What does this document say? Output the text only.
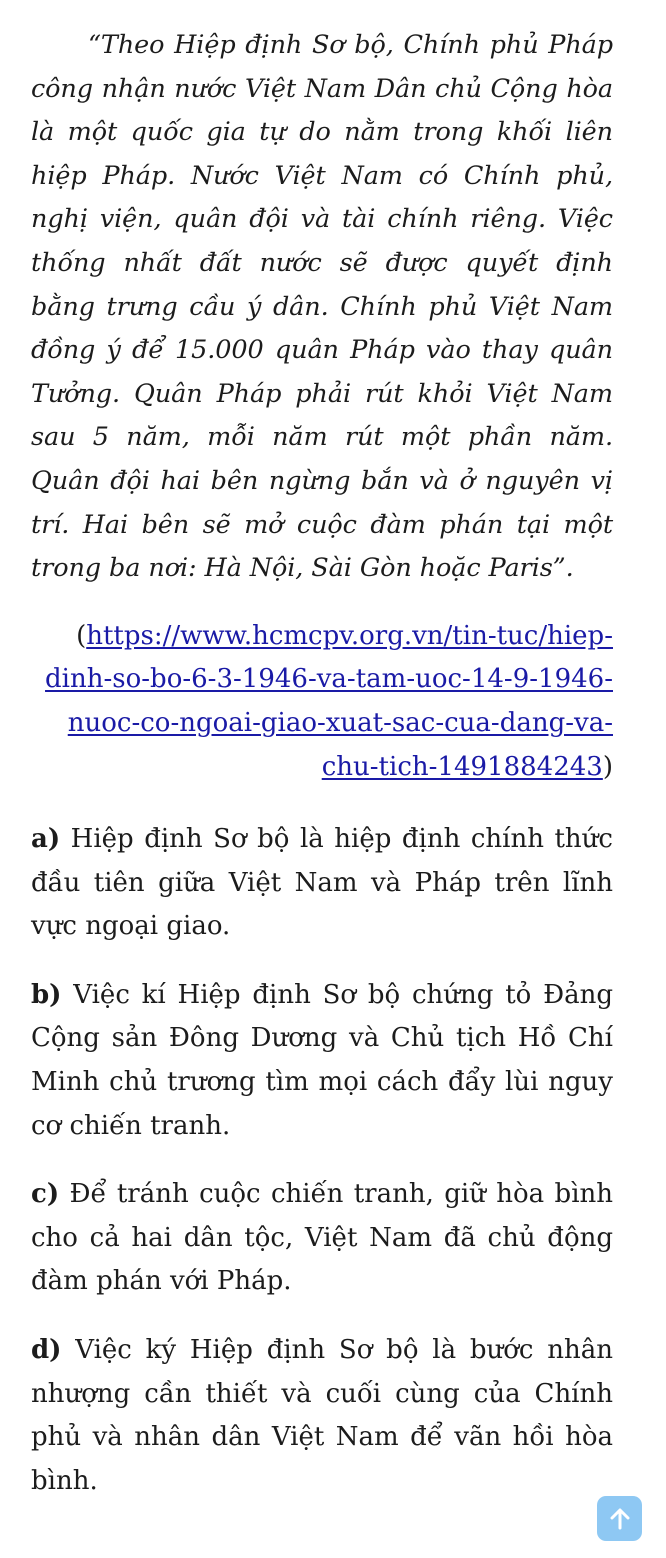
“Theo Hiệp định Sơ bộ, Chính phủ Pháp công nhận nước Việt Nam Dân chủ Cộng hòa là một quốc gia tự do nằm trong khối liên hiệp Pháp. Nước Việt Nam có Chính phủ, nghị viện, quân đội và tài chính riêng. Việc thống nhất đất nước sẽ được quyết định bằng trưng cầu ý dân. Chính phủ Việt Nam đồng ý để 15.000 quân Pháp vào thay quân Tưởng. Quân Pháp phải rút khỏi Việt Nam sau 5 năm, mỗi năm rút một phần năm. Quân đội hai bên ngừng bắn và ở nguyên vị trí. Hai bên sẽ mở cuộc đàm phán tại một trong ba nơi: Hà Nội, Sài Gòn hoặc Paris”.

(https://www.hcmcpv.org.vn/tin-tuc/hiep-dinh-so-bo-6-3-1946-va-tam-uoc-14-9-1946-nuoc-co-ngoai-giao-xuat-sac-cua-dang-va-chu-tich-1491884243)

a) Hiệp định Sơ bộ là hiệp định chính thức đầu tiên giữa Việt Nam và Pháp trên lĩnh vực ngoại giao.

b) Việc kí Hiệp định Sơ bộ chứng tỏ Đảng Cộng sản Đông Dương và Chủ tịch Hồ Chí Minh chủ trương tìm mọi cách đẩy lùi nguy cơ chiến tranh.

c) Để tránh cuộc chiến tranh, giữ hòa bình cho cả hai dân tộc, Việt Nam đã chủ động đàm phán với Pháp.

d) Việc ký Hiệp định Sơ bộ là bước nhân nhượng cần thiết và cuối cùng của Chính phủ và nhân dân Việt Nam để vãn hồi hòa bình.
